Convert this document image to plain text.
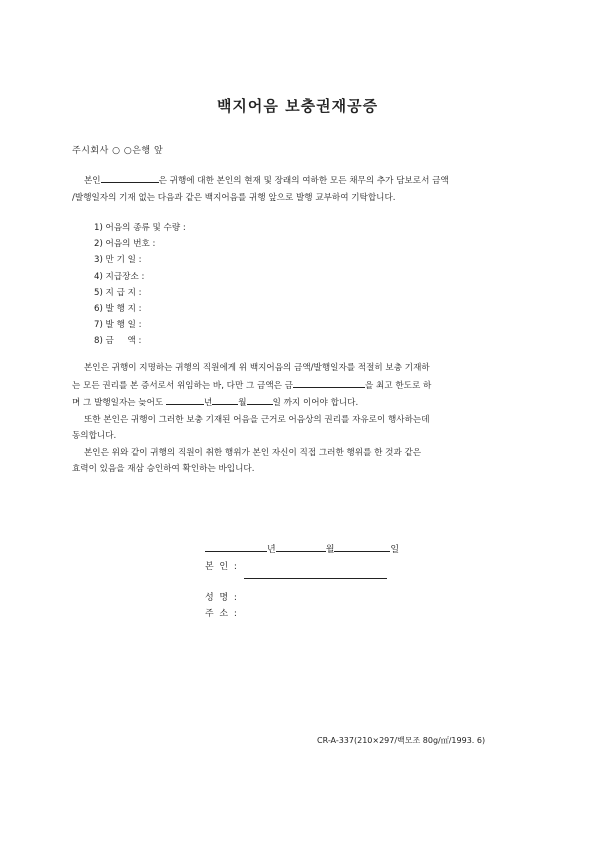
백지어음 보충권재공증
주시회사 ○ ○은행 앞

본인	은 귀행에 대한 본인의 현재 및 장래의 여하한 모든 채무의 추가 담보로서 금액

/발행일자의 기재 없는 다음과 같은 백지어음를 귀행 앞으로 발행 교부하여 기탁합니다.
1) 어음의 종류 및 수량 :
2) 어음의 번호 :
3) 만 기 일 :
4) 지급장소 :
5) 지 급 지 :
6) 발 행 지 :
7) 발 행 일 :
8) 금     액 :

본인은 귀행이 지명하는 귀행의 직원에게 위 백지어음의 금액/발행일자를 적절히 보충 기재하

는 모든 권리를 본 증서로서 위임하는 바, 다만 그 금액은 금	을 최고 한도로 하
며 그 발행일자는 늦어도	년	월	일 까지 이어야 합니다.

또한 본인은 귀행이 그러한 보충 기재된 어음을 근거로 어음상의 권리를 자유로이 행사하는데

동의합니다.

본인은 위와 같이 귀행의 직원이 취한 행위가 본인 자신이 직접 그러한 행위를 한 것과 같은

효력이 있음을 재삼 승인하여 확인하는 바입니다.
년	월	일
본  인  :
성  명  :
주  소  :
CR-A-337(210×297/백모조 80g/㎡/1993. 6)
